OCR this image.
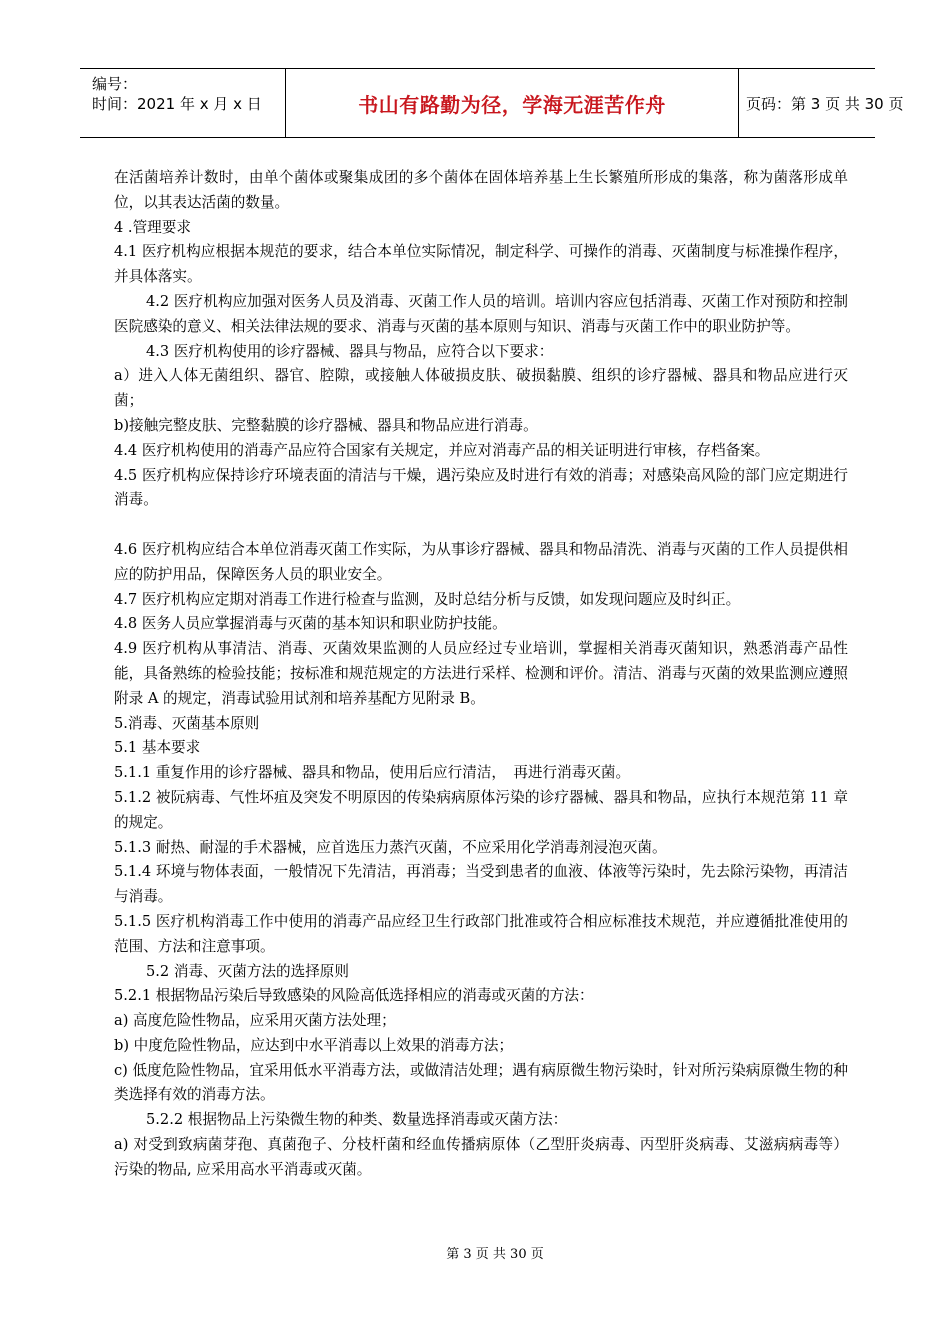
编号：
时间：2021 年 x 月 x 日	书山有路勤为径，学海无涯苦作舟	页码：第 3 页 共 30 页

在活菌培养计数时，由单个菌体或聚集成团的多个菌体在固体培养基上生长繁殖所形成的集落，称为菌落形成单位，以其表达活菌的数量。

4 .管理要求

4.1 医疗机构应根据本规范的要求，结合本单位实际情况，制定科学、可操作的消毒、灭菌制度与标准操作程序，并具体落实。

4.2 医疗机构应加强对医务人员及消毒、灭菌工作人员的培训。培训内容应包括消毒、灭菌工作对预防和控制医院感染的意义、相关法律法规的要求、消毒与灭菌的基本原则与知识、消毒与灭菌工作中的职业防护等。

4.3 医疗机构使用的诊疗器械、器具与物品，应符合以下要求：

a）进入人体无菌组织、器官、腔隙，或接触人体破损皮肤、破损黏膜、组织的诊疗器械、器具和物品应进行灭菌；

b)接触完整皮肤、完整黏膜的诊疗器械、器具和物品应进行消毒。

4.4 医疗机构使用的消毒产品应符合国家有关规定，并应对消毒产品的相关证明进行审核，存档备案。

4.5 医疗机构应保持诊疗环境表面的清洁与干燥，遇污染应及时进行有效的消毒；对感染高风险的部门应定期进行消毒。

4.6 医疗机构应结合本单位消毒灭菌工作实际，为从事诊疗器械、器具和物品清洗、消毒与灭菌的工作人员提供相应的防护用品，保障医务人员的职业安全。

4.7 医疗机构应定期对消毒工作进行检查与监测，及时总结分析与反馈，如发现问题应及时纠正。

4.8 医务人员应掌握消毒与灭菌的基本知识和职业防护技能。

4.9 医疗机构从事清洁、消毒、灭菌效果监测的人员应经过专业培训，掌握相关消毒灭菌知识，熟悉消毒产品性能，具备熟练的检验技能；按标准和规范规定的方法进行采样、检测和评价。清洁、消毒与灭菌的效果监测应遵照附录 A 的规定，消毒试验用试剂和培养基配方见附录 B。

5.消毒、灭菌基本原则

5.1 基本要求

5.1.1 重复作用的诊疗器械、器具和物品，使用后应行清洁，　再进行消毒灭菌。

5.1.2 被阮病毒、气性坏疽及突发不明原因的传染病病原体污染的诊疗器械、器具和物品，应执行本规范第 11 章的规定。

5.1.3 耐热、耐湿的手术器械，应首选压力蒸汽灭菌，不应采用化学消毒剂浸泡灭菌。

5.1.4 环境与物体表面，一般情况下先清洁，再消毒；当受到患者的血液、体液等污染时，先去除污染物，再清洁与消毒。

5.1.5 医疗机构消毒工作中使用的消毒产品应经卫生行政部门批准或符合相应标准技术规范，并应遵循批准使用的范围、方法和注意事项。

5.2 消毒、灭菌方法的选择原则

5.2.1 根据物品污染后导致感染的风险高低选择相应的消毒或灭菌的方法：

a) 高度危险性物品，应采用灭菌方法处理；

b) 中度危险性物品，应达到中水平消毒以上效果的消毒方法；

c) 低度危险性物品，宜采用低水平消毒方法，或做清洁处理；遇有病原微生物污染时，针对所污染病原微生物的种类选择有效的消毒方法。

5.2.2 根据物品上污染微生物的种类、数量选择消毒或灭菌方法：

a) 对受到致病菌芽孢、真菌孢子、分枝杆菌和经血传播病原体（乙型肝炎病毒、丙型肝炎病毒、艾滋病病毒等）污染的物品, 应采用高水平消毒或灭菌。

第 3 页 共 30 页
